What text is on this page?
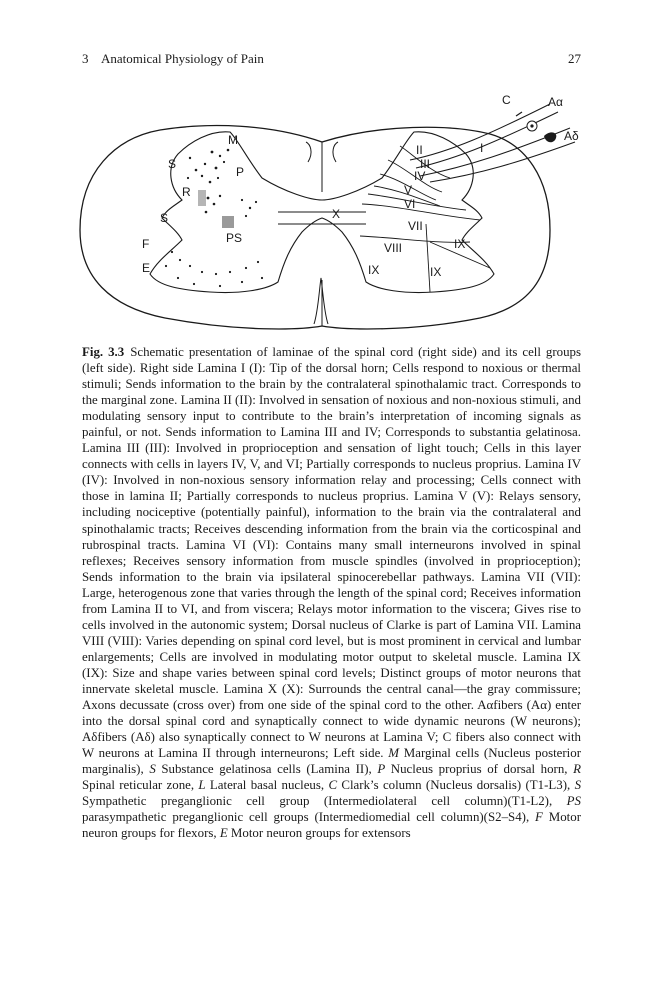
3 Anatomical Physiology of Pain	27
X
M
S
P
R
S
PS
F
E
I
II
III
IV
V
VI
VII
VIII	IX
IX	IX
C	Aα
Aδ
Fig. 3.3 Schematic presentation of laminae of the spinal cord (right side) and its cell groups (left side). Right side Lamina I (I): Tip of the dorsal horn; Cells respond to noxious or thermal stimuli; Sends information to the brain by the contralateral spinothalamic tract. Corresponds to the marginal zone. Lamina II (II): Involved in sensation of noxious and non-noxious stimuli, and modulating sensory input to contribute to the brain’s interpretation of incoming signals as painful, or not. Sends information to Lamina III and IV; Corresponds to substantia gelatinosa. Lamina III (III): Involved in proprioception and sensation of light touch; Cells in this layer connects with cells in layers IV, V, and VI; Partially corresponds to nucleus proprius. Lamina IV (IV): Involved in non-noxious sensory information relay and processing; Cells connect with those in lamina II; Partially corresponds to nucleus proprius. Lamina V (V): Relays sensory, including nociceptive (potentially painful), information to the brain via the contralateral and spinothalamic tracts; Receives descending information from the brain via the corticospinal and rubrospinal tracts. Lamina VI (VI): Contains many small interneurons involved in spinal reflexes; Receives sensory information from muscle spindles (involved in proprioception); Sends information to the brain via ipsilateral spinocerebellar pathways. Lamina VII (VII): Large, heterogenous zone that varies through the length of the spinal cord; Receives information from Lamina II to VI, and from viscera; Relays motor information to the viscera; Gives rise to cells involved in the autonomic system; Dorsal nucleus of Clarke is part of Lamina VII. Lamina VIII (VIII): Varies depending on spinal cord level, but is most prominent in cervical and lumbar enlargements; Cells are involved in modulating motor output to skeletal muscle. Lamina IX (IX): Size and shape varies between spinal cord levels; Distinct groups of motor neurons that innervate skeletal muscle. Lamina X (X): Surrounds the central canal—the gray commissure; Axons decussate (cross over) from one side of the spinal cord to the other. Aαfibers (Aα) enter into the dorsal spinal cord and synaptically connect to wide dynamic neurons (W neurons); Aδfibers (Aδ) also synaptically connect to W neurons at Lamina V; C fibers also connect with W neurons at Lamina II through interneurons; Left side. M Marginal cells (Nucleus posterior marginalis), S Substance gelatinosa cells (Lamina II), P Nucleus proprius of dorsal horn, R Spinal reticular zone, L Lateral basal nucleus, C Clark’s column (Nucleus dorsalis) (T1-L3), S Sympathetic preganglionic cell group (Intermediolateral cell column)(T1-L2), PS parasympathetic preganglionic cell groups (Intermediomedial cell column)(S2–S4), F Motor neuron groups for flexors, E Motor neuron groups for extensors
